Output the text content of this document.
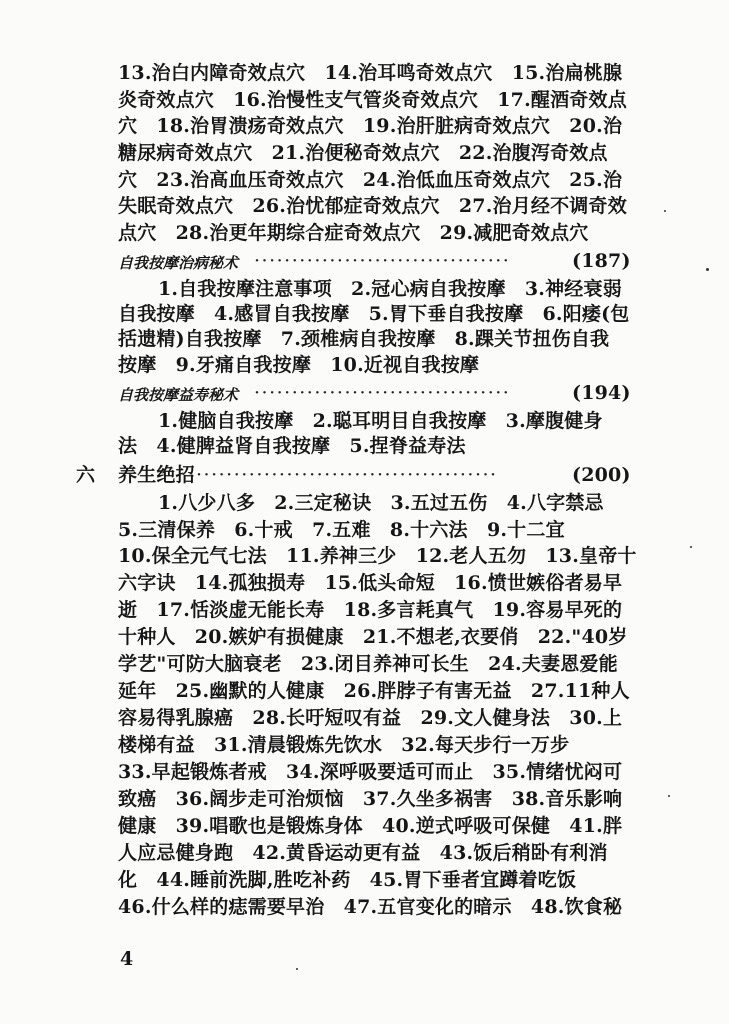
13.治白内障奇效点穴　14.治耳鸣奇效点穴　15.治扁桃腺
炎奇效点穴　16.治慢性支气管炎奇效点穴　17.醒酒奇效点
穴　18.治胃溃疡奇效点穴　19.治肝脏病奇效点穴　20.治
糖尿病奇效点穴　21.治便秘奇效点穴　22.治腹泻奇效点
穴　23.治高血压奇效点穴　24.治低血压奇效点穴　25.治
失眠奇效点穴　26.治忧郁症奇效点穴　27.治月经不调奇效
点穴　28.治更年期综合症奇效点穴　29.减肥奇效点穴
自我按摩治病秘术 ··································	(187)
1.自我按摩注意事项　2.冠心病自我按摩　3.神经衰弱
自我按摩　4.感冒自我按摩　5.胃下垂自我按摩　6.阳痿(包
括遗精)自我按摩　7.颈椎病自我按摩　8.踝关节扭伤自我
按摩　9.牙痛自我按摩　10.近视自我按摩
自我按摩益寿秘术 ··································	(194)
1.健脑自我按摩　2.聪耳明目自我按摩　3.摩腹健身
法　4.健脾益肾自我按摩　5.捏脊益寿法
六 养生绝招 ········································	(200)
1.八少八多　2.三定秘诀　3.五过五伤　4.八字禁忌
5.三清保养　6.十戒　7.五难　8.十六法　9.十二宜
10.保全元气七法　11.养神三少　12.老人五勿　13.皇帝十
六字诀　14.孤独损寿　15.低头命短　16.愤世嫉俗者易早
逝　17.恬淡虚无能长寿　18.多言耗真气　19.容易早死的
十种人　20.嫉妒有损健康　21.不想老,衣要俏　22."40岁
学艺"可防大脑衰老　23.闭目养神可长生　24.夫妻恩爱能
延年　25.幽默的人健康　26.胖脖子有害无益　27.11种人
容易得乳腺癌　28.长吁短叹有益　29.文人健身法　30.上
楼梯有益　31.清晨锻炼先饮水　32.每天步行一万步
33.早起锻炼者戒　34.深呼吸要适可而止　35.情绪忧闷可
致癌　36.阔步走可治烦恼　37.久坐多祸害　38.音乐影响
健康　39.唱歌也是锻炼身体　40.逆式呼吸可保健　41.胖
人应忌健身跑　42.黄昏运动更有益　43.饭后稍卧有利消
化　44.睡前洗脚,胜吃补药　45.胃下垂者宜蹲着吃饭
46.什么样的痣需要早治　47.五官变化的暗示　48.饮食秘
4
